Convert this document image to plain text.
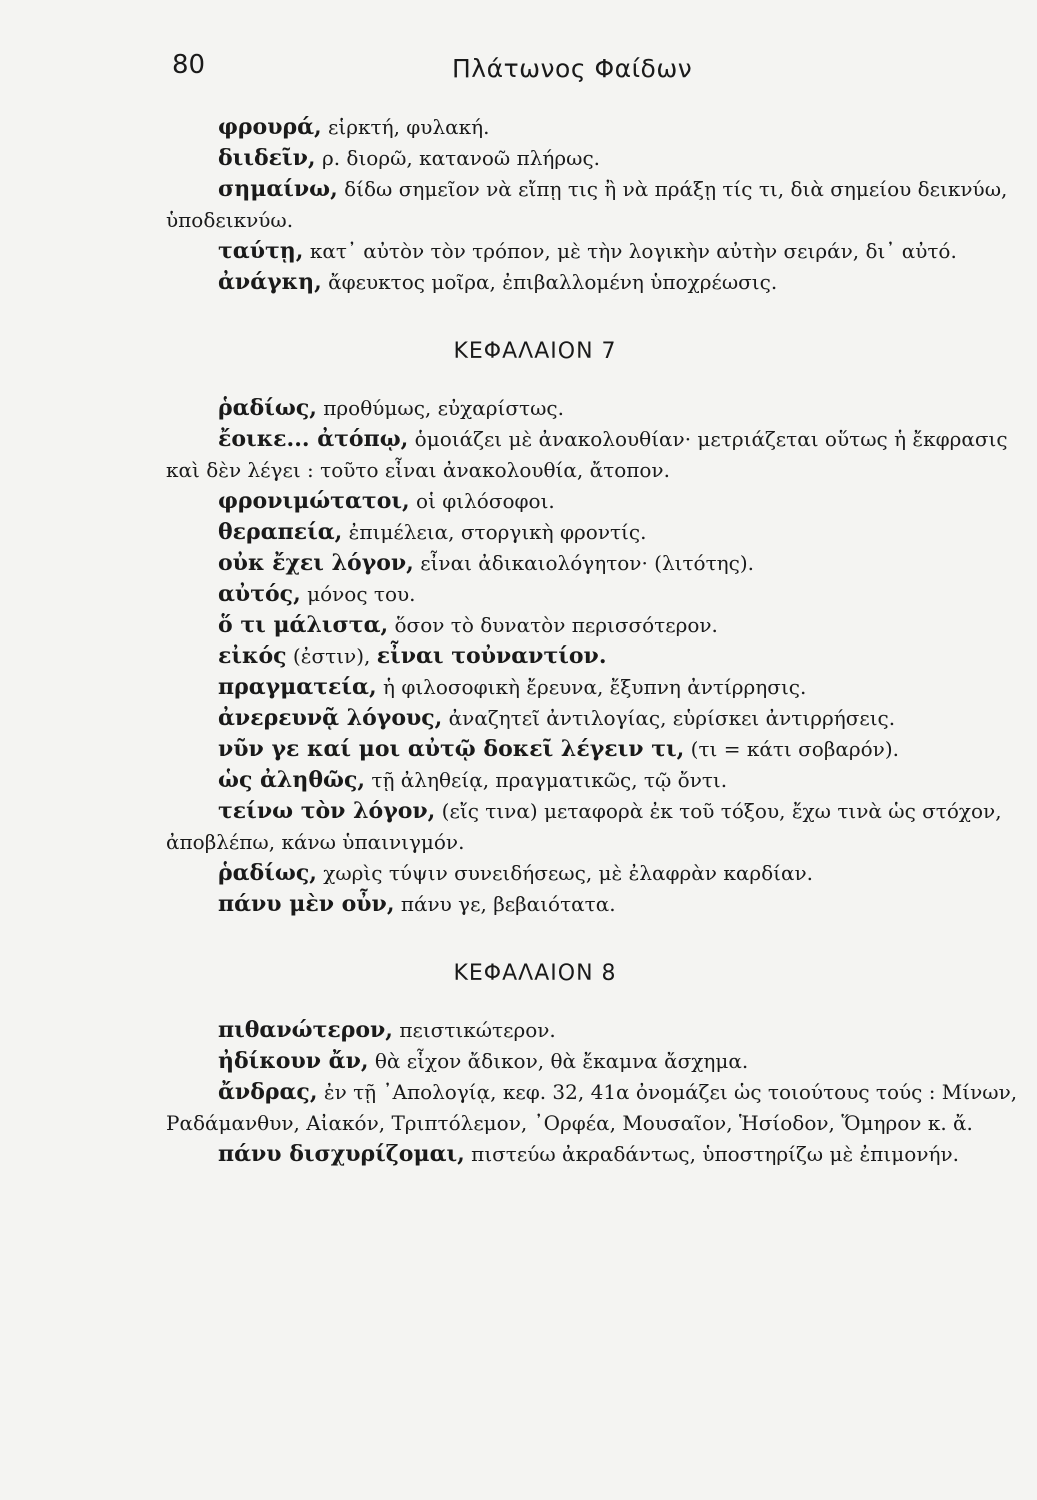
80	Πλάτωνος Φαίδων

φρουρά, εἱρκτή, φυλακή.

διιδεῖν, ρ. διορῶ, κατανοῶ πλήρως.

σημαίνω, δίδω σημεῖον νὰ εἴπῃ τις ἢ νὰ πράξῃ τίς τι, διὰ σημείου δεικνύω, ὑποδεικνύω.

ταύτῃ, κατ᾽ αὐτὸν τὸν τρόπον, μὲ τὴν λογικὴν αὐτὴν σειράν, δι᾽ αὐτό.

ἀνάγκη, ἄφευκτος μοῖρα, ἐπιβαλλομένη ὑποχρέωσις.

ΚΕΦΑΛΑΙΟΝ 7

ῥαδίως, προθύμως, εὐχαρίστως.

ἔοικε... ἀτόπῳ, ὁμοιάζει μὲ ἀνακολουθίαν· μετριάζεται οὕτως ἡ ἔκφρασις καὶ δὲν λέγει : τοῦτο εἶναι ἀνακολουθία, ἄτοπον.

φρονιμώτατοι, οἱ φιλόσοφοι.

θεραπεία, ἐπιμέλεια, στοργικὴ φροντίς.

οὐκ ἔχει λόγον, εἶναι ἀδικαιολόγητον· (λιτότης).

αὐτός, μόνος του.

ὅ τι μάλιστα, ὅσον τὸ δυνατὸν περισσότερον.

εἰκός (ἐστιν), εἶναι τοὐναντίον.

πραγματεία, ἡ φιλοσοφικὴ ἔρευνα, ἔξυπνη ἀντίρρησις.

ἀνερευνᾷ λόγους, ἀναζητεῖ ἀντιλογίας, εὑρίσκει ἀντιρρήσεις.

νῦν γε καί μοι αὐτῷ δοκεῖ λέγειν τι, (τι = κάτι σοβαρόν).

ὡς ἀληθῶς, τῇ ἀληθείᾳ, πραγματικῶς, τῷ ὄντι.

τείνω τὸν λόγον, (εἴς τινα) μεταφορὰ ἐκ τοῦ τόξου, ἔχω τινὰ ὡς στόχον, ἀποβλέπω, κάνω ὑπαινιγμόν.

ῥαδίως, χωρὶς τύψιν συνειδήσεως, μὲ ἐλαφρὰν καρδίαν.

πάνυ μὲν οὖν, πάνυ γε, βεβαιότατα.

ΚΕΦΑΛΑΙΟΝ 8

πιθανώτερον, πειστικώτερον.

ἠδίκουν ἄν, θὰ εἶχον ἄδικον, θὰ ἔκαμνα ἄσχημα.

ἄνδρας, ἐν τῇ ᾿Απολογίᾳ, κεφ. 32, 41α ὀνομάζει ὡς τοιούτους τούς : Μίνων, Ραδάμανθυν, Αἰακόν, Τριπτόλεμον, ᾿Ορφέα, Μουσαῖον, Ἡσίοδον, Ὅμηρον κ. ἄ.

πάνυ δισχυρίζομαι, πιστεύω ἀκραδάντως, ὑποστηρίζω μὲ ἐπιμονήν.
